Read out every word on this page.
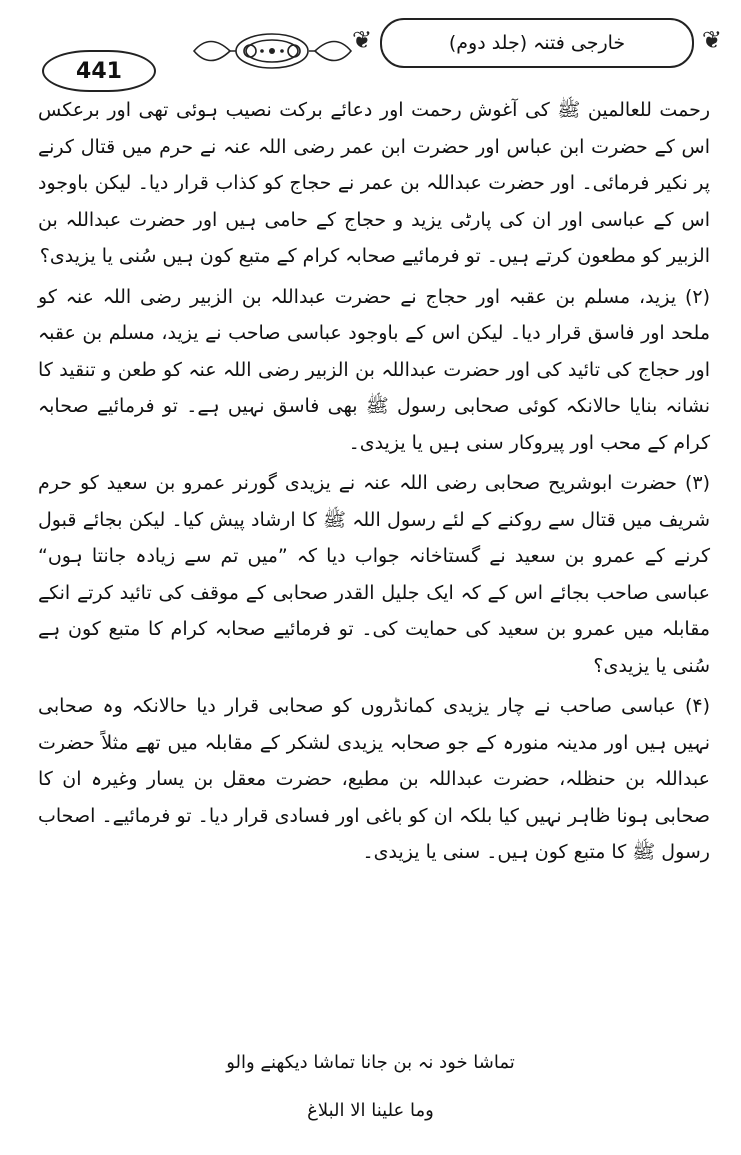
441
❦ خارجی فتنہ (جلد دوم) ❦

رحمت للعالمین ﷺ کی آغوش رحمت اور دعائے برکت نصیب ہوئی تھی اور برعکس اس کے حضرت ابن عباس اور حضرت ابن عمر رضی اللہ عنہ نے حرم میں قتال کرنے پر نکیر فرمائی۔ اور حضرت عبداللہ بن عمر نے حجاج کو کذاب قرار دیا۔ لیکن باوجود اس کے عباسی اور ان کی پارٹی یزید و حجاج کے حامی ہیں اور حضرت عبداللہ بن الزبیر کو مطعون کرتے ہیں۔ تو فرمائیے صحابہ کرام کے متبع کون ہیں سُنی یا یزیدی؟

(۲) یزید، مسلم بن عقبہ اور حجاج نے حضرت عبداللہ بن الزبیر رضی اللہ عنہ کو ملحد اور فاسق قرار دیا۔ لیکن اس کے باوجود عباسی صاحب نے یزید، مسلم بن عقبہ اور حجاج کی تائید کی اور حضرت عبداللہ بن الزبیر رضی اللہ عنہ کو طعن و تنقید کا نشانہ بنایا حالانکہ کوئی صحابی رسول ﷺ بھی فاسق نہیں ہے۔ تو فرمائیے صحابہ کرام کے محب اور پیروکار سنی ہیں یا یزیدی۔

(۳) حضرت ابوشریح صحابی رضی اللہ عنہ نے یزیدی گورنر عمرو بن سعید کو حرم شریف میں قتال سے روکنے کے لئے رسول اللہ ﷺ کا ارشاد پیش کیا۔ لیکن بجائے قبول کرنے کے عمرو بن سعید نے گستاخانہ جواب دیا کہ ”میں تم سے زیادہ جانتا ہوں“ عباسی صاحب بجائے اس کے کہ ایک جلیل القدر صحابی کے موقف کی تائید کرتے انکے مقابلہ میں عمرو بن سعید کی حمایت کی۔ تو فرمائیے صحابہ کرام کا متبع کون ہے سُنی یا یزیدی؟

(۴) عباسی صاحب نے چار یزیدی کمانڈروں کو صحابی قرار دیا حالانکہ وہ صحابی نہیں ہیں اور مدینہ منورہ کے جو صحابہ یزیدی لشکر کے مقابلہ میں تھے مثلاً حضرت عبداللہ بن حنظلہ، حضرت عبداللہ بن مطیع، حضرت معقل بن یسار وغیرہ ان کا صحابی ہونا ظاہر نہیں کیا بلکہ ان کو باغی اور فسادی قرار دیا۔ تو فرمائیے۔ اصحاب رسول ﷺ کا متبع کون ہیں۔ سنی یا یزیدی۔

تماشا خود نہ بن جانا تماشا دیکھنے والو
وما علینا الا البلاغ
